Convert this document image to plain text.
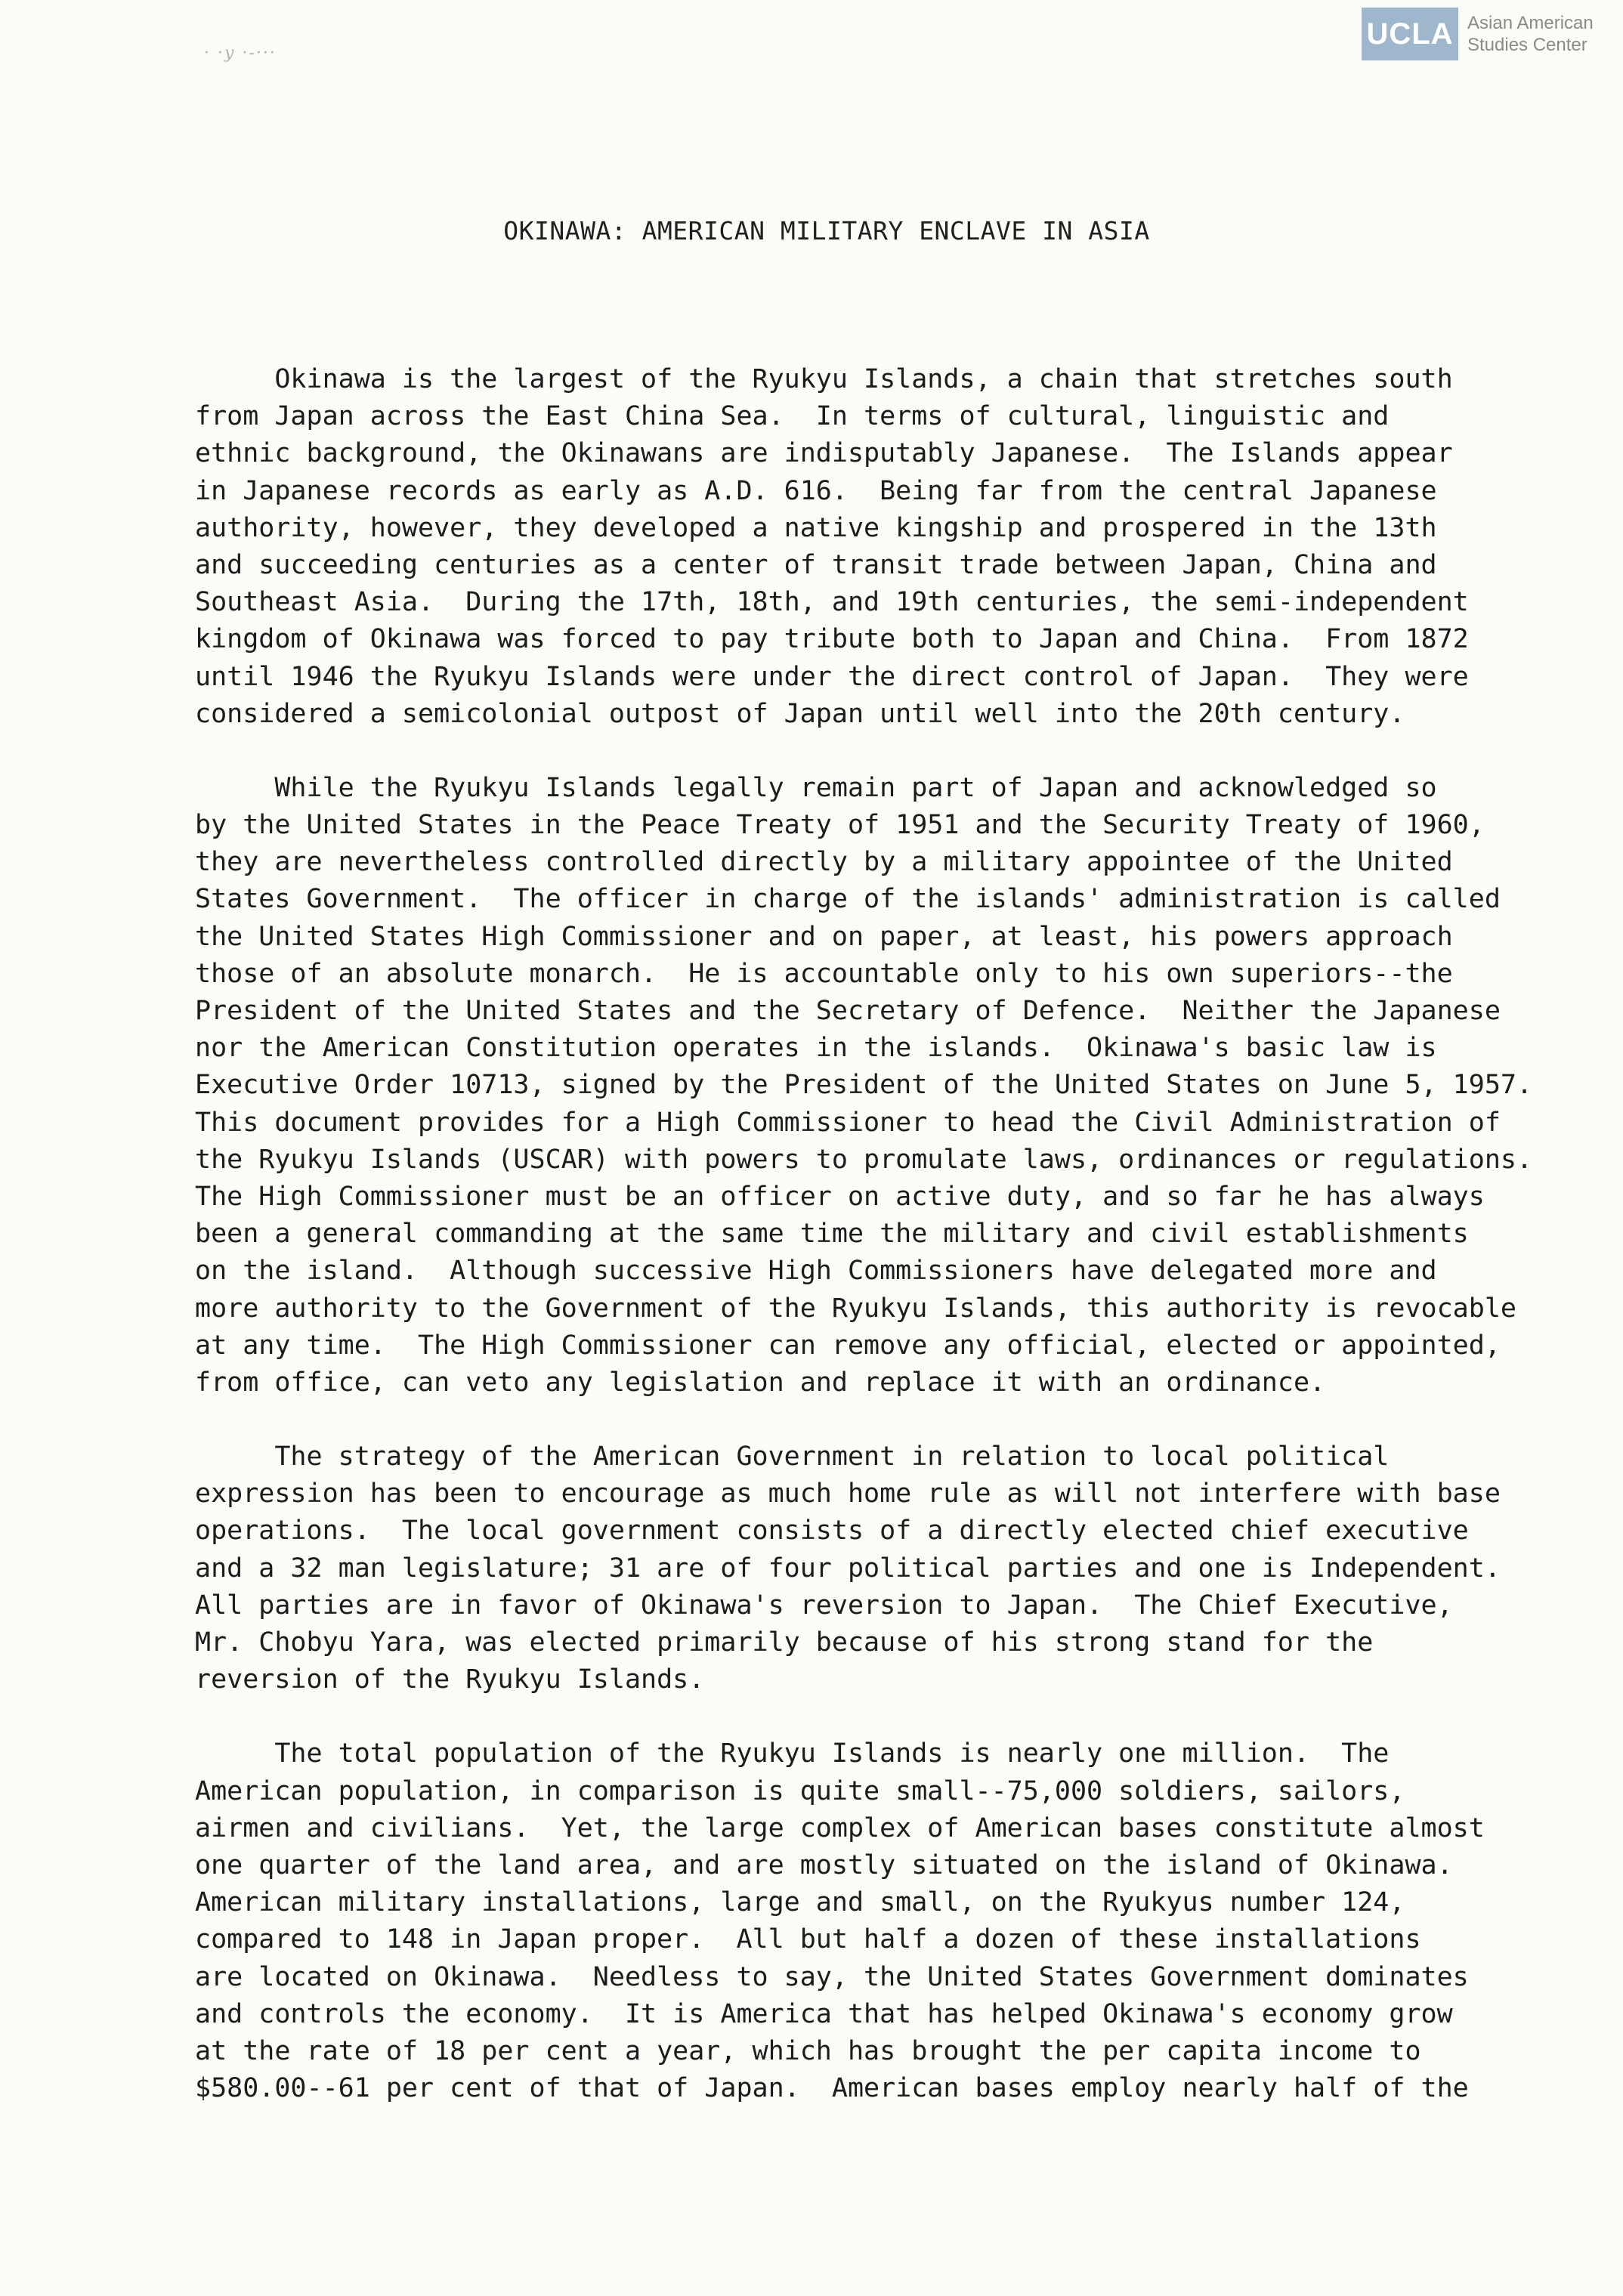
· ·y ·-···
UCLA Asian American
Studies Center
OKINAWA: AMERICAN MILITARY ENCLAVE IN ASIA
Okinawa is the largest of the Ryukyu Islands, a chain that stretches south
from Japan across the East China Sea.  In terms of cultural, linguistic and
ethnic background, the Okinawans are indisputably Japanese.  The Islands appear
in Japanese records as early as A.D. 616.  Being far from the central Japanese
authority, however, they developed a native kingship and prospered in the 13th
and succeeding centuries as a center of transit trade between Japan, China and
Southeast Asia.  During the 17th, 18th, and 19th centuries, the semi-independent
kingdom of Okinawa was forced to pay tribute both to Japan and China.  From 1872
until 1946 the Ryukyu Islands were under the direct control of Japan.  They were
considered a semicolonial outpost of Japan until well into the 20th century.
While the Ryukyu Islands legally remain part of Japan and acknowledged so
by the United States in the Peace Treaty of 1951 and the Security Treaty of 1960,
they are nevertheless controlled directly by a military appointee of the United
States Government.  The officer in charge of the islands' administration is called
the United States High Commissioner and on paper, at least, his powers approach
those of an absolute monarch.  He is accountable only to his own superiors--the
President of the United States and the Secretary of Defence.  Neither the Japanese
nor the American Constitution operates in the islands.  Okinawa's basic law is
Executive Order 10713, signed by the President of the United States on June 5, 1957.
This document provides for a High Commissioner to head the Civil Administration of
the Ryukyu Islands (USCAR) with powers to promulate laws, ordinances or regulations.
The High Commissioner must be an officer on active duty, and so far he has always
been a general commanding at the same time the military and civil establishments
on the island.  Although successive High Commissioners have delegated more and
more authority to the Government of the Ryukyu Islands, this authority is revocable
at any time.  The High Commissioner can remove any official, elected or appointed,
from office, can veto any legislation and replace it with an ordinance.
The strategy of the American Government in relation to local political
expression has been to encourage as much home rule as will not interfere with base
operations.  The local government consists of a directly elected chief executive
and a 32 man legislature; 31 are of four political parties and one is Independent.
All parties are in favor of Okinawa's reversion to Japan.  The Chief Executive,
Mr. Chobyu Yara, was elected primarily because of his strong stand for the
reversion of the Ryukyu Islands.
The total population of the Ryukyu Islands is nearly one million.  The
American population, in comparison is quite small--75,000 soldiers, sailors,
airmen and civilians.  Yet, the large complex of American bases constitute almost
one quarter of the land area, and are mostly situated on the island of Okinawa.
American military installations, large and small, on the Ryukyus number 124,
compared to 148 in Japan proper.  All but half a dozen of these installations
are located on Okinawa.  Needless to say, the United States Government dominates
and controls the economy.  It is America that has helped Okinawa's economy grow
at the rate of 18 per cent a year, which has brought the per capita income to
$580.00--61 per cent of that of Japan.  American bases employ nearly half of the
